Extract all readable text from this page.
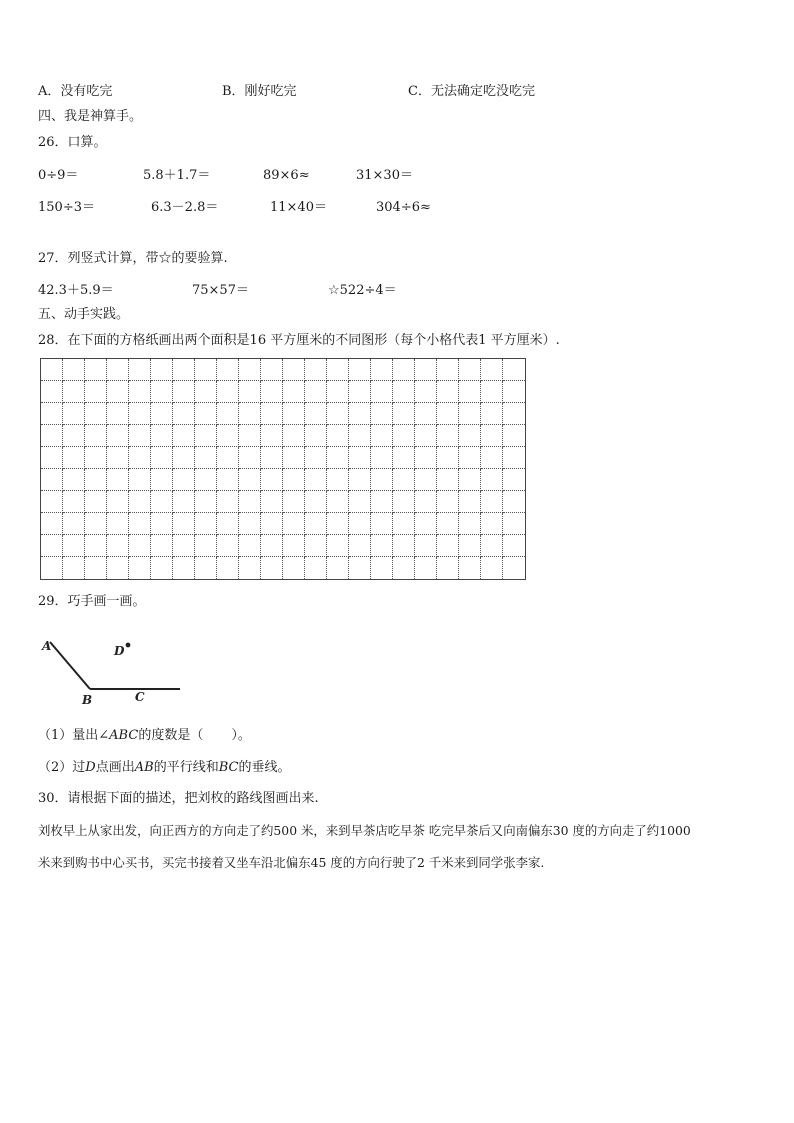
A．没有吃完	B．刚好吃完	C．无法确定吃没吃完
四、我是神算手。
26．口算。
0÷9＝	5.8＋1.7＝	89×6≈	31×30＝
150÷3＝	6.3－2.8＝	11×40＝	304÷6≈
27．列竖式计算，带☆的要验算.
42.3＋5.9＝	75×57＝	☆522÷4＝
五、动手实践。
28．在下面的方格纸画出两个面积是16 平方厘米的不同图形（每个小格代表1 平方厘米）.
29．巧手画一画。
A
B	C
D
（1）量出∠ABC的度数是（ ）。
（2）过D点画出AB的平行线和BC的垂线。
30．请根据下面的描述，把刘枚的路线图画出来.
刘枚早上从家出发，向正西方的方向走了约500 米，来到早茶店吃早茶 吃完早茶后又向南偏东30 度的方向走了约1000
米来到购书中心买书，买完书接着又坐车沿北偏东45 度的方向行驶了2 千米来到同学张李家.
